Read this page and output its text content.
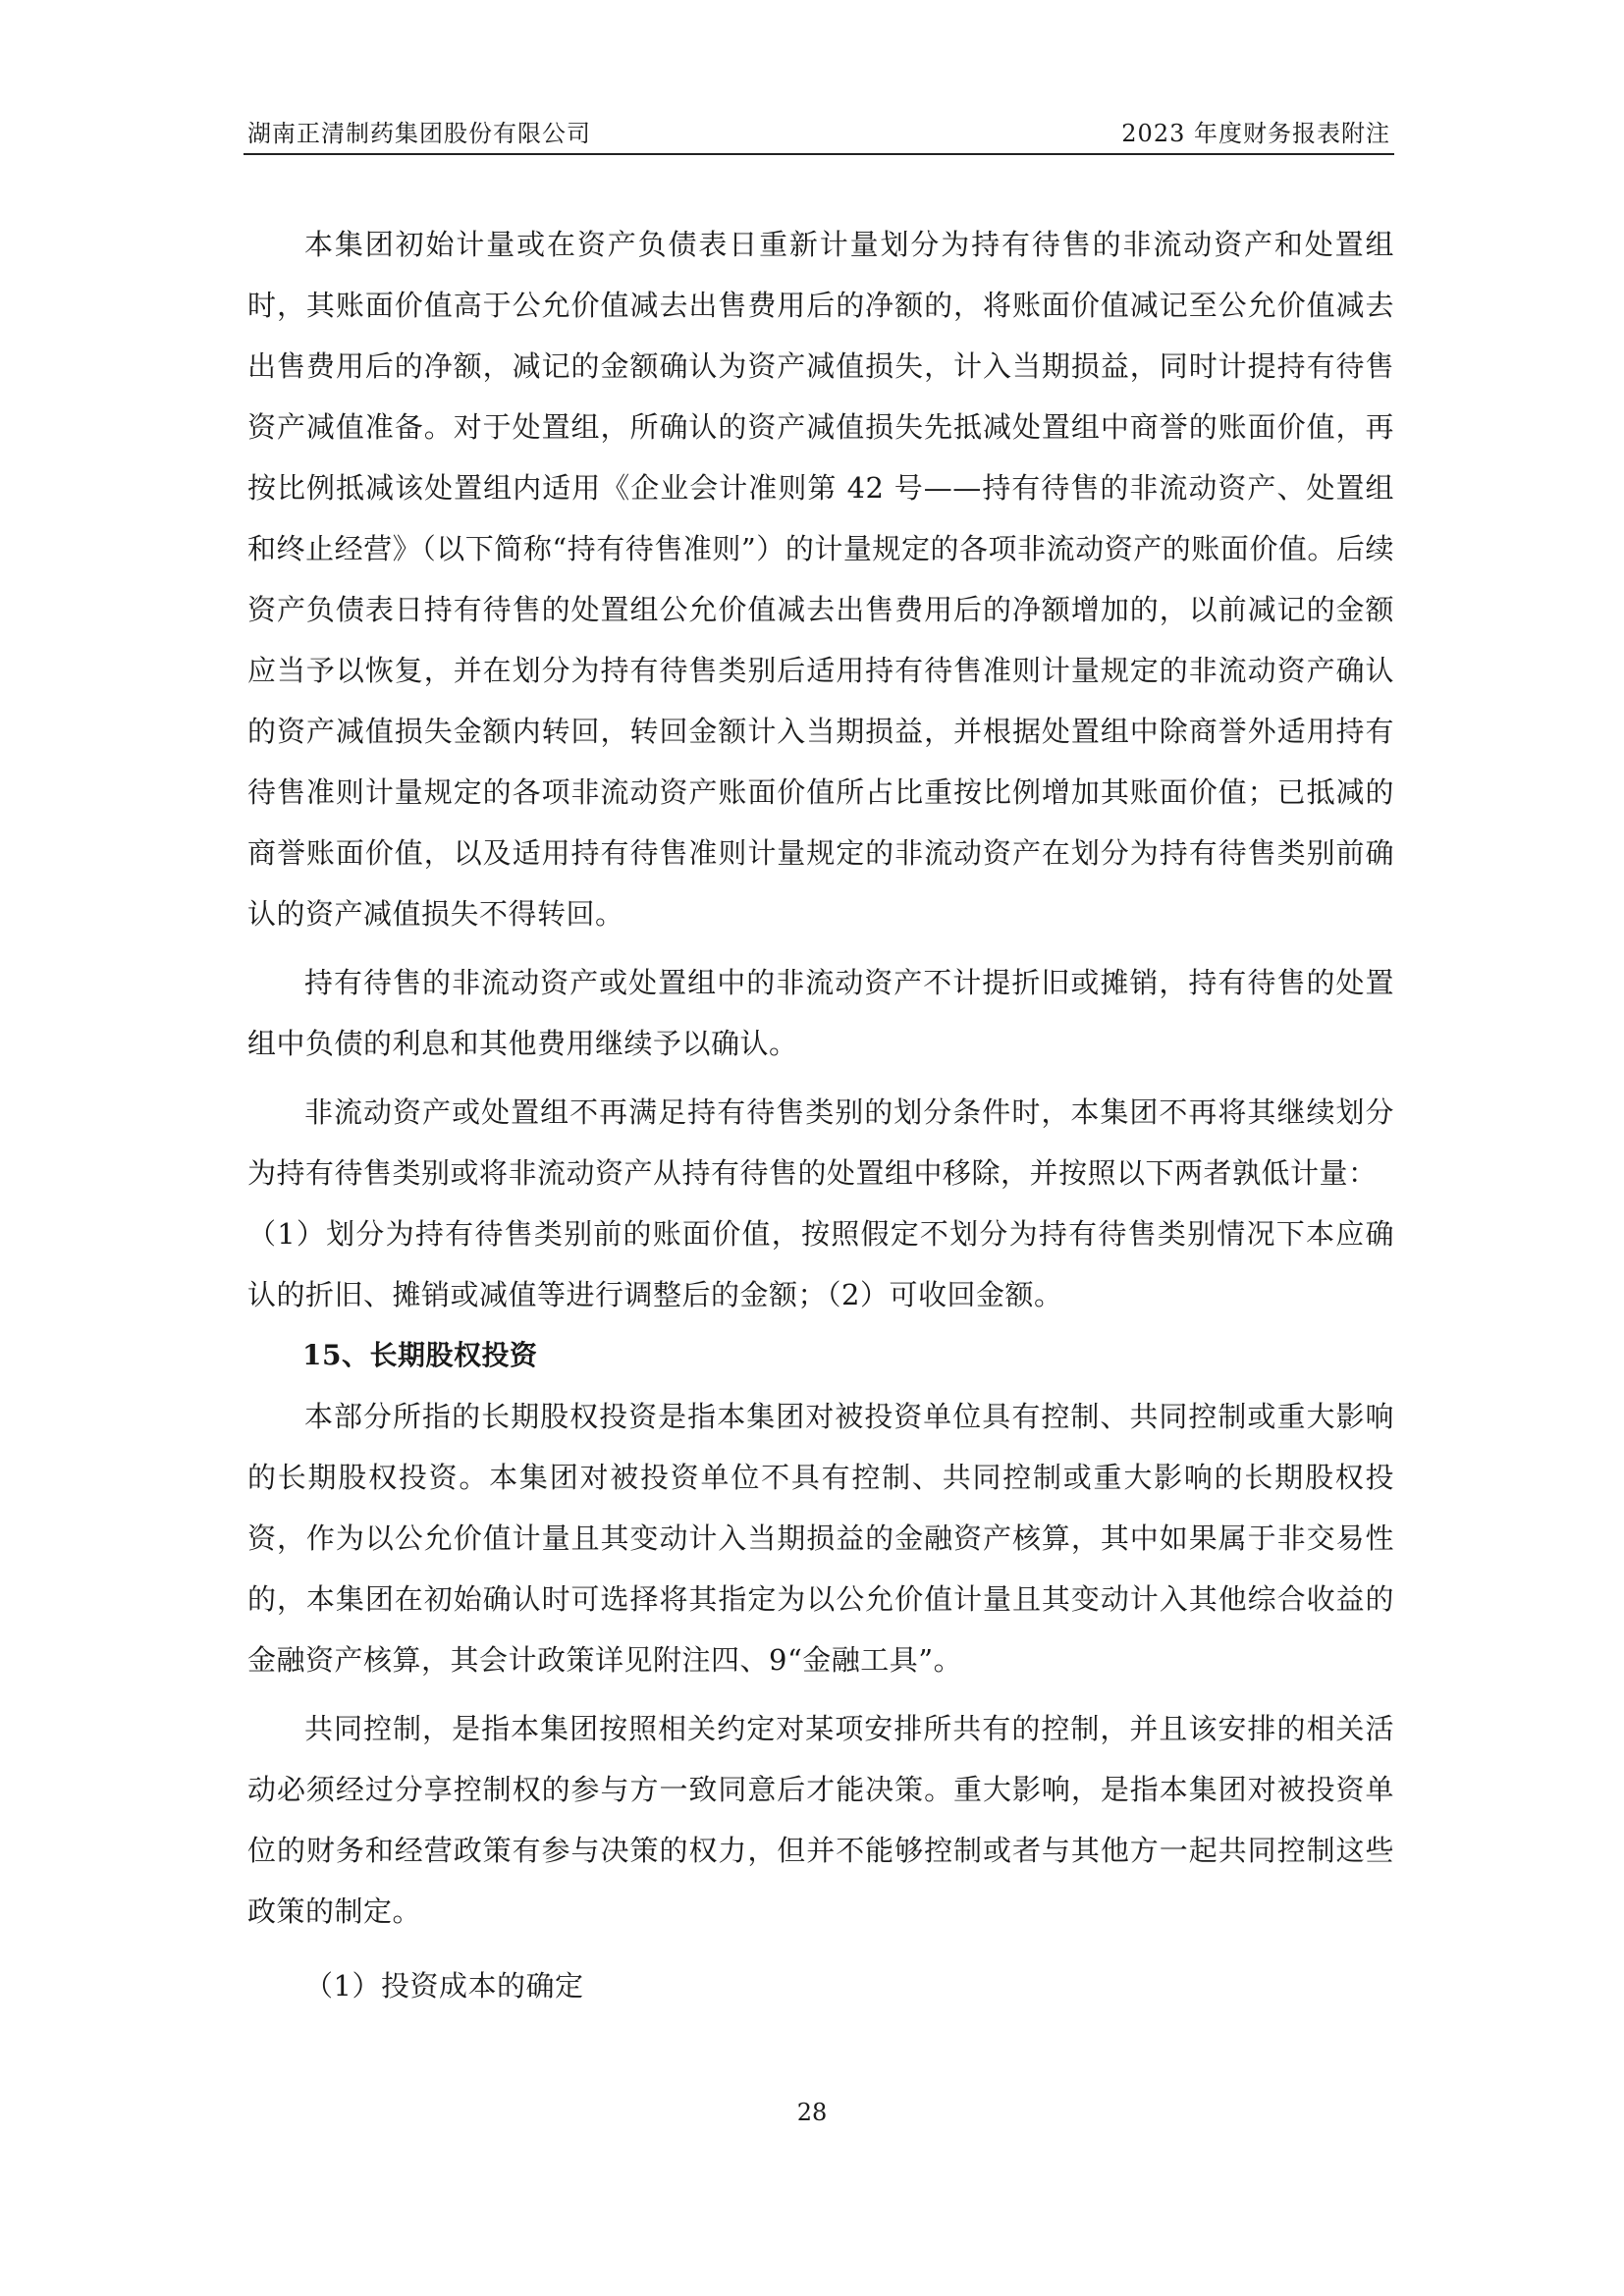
湖南正清制药集团股份有限公司	2023 年度财务报表附注

本集团初始计量或在资产负债表日重新计量划分为持有待售的非流动资产和处置组时，其账面价值高于公允价值减去出售费用后的净额的，将账面价值减记至公允价值减去出售费用后的净额，减记的金额确认为资产减值损失，计入当期损益，同时计提持有待售资产减值准备。对于处置组，所确认的资产减值损失先抵减处置组中商誉的账面价值，再按比例抵减该处置组内适用《企业会计准则第 42 号——持有待售的非流动资产、处置组和终止经营》（以下简称“持有待售准则”）的计量规定的各项非流动资产的账面价值。后续资产负债表日持有待售的处置组公允价值减去出售费用后的净额增加的，以前减记的金额应当予以恢复，并在划分为持有待售类别后适用持有待售准则计量规定的非流动资产确认的资产减值损失金额内转回，转回金额计入当期损益，并根据处置组中除商誉外适用持有待售准则计量规定的各项非流动资产账面价值所占比重按比例增加其账面价值；已抵减的商誉账面价值，以及适用持有待售准则计量规定的非流动资产在划分为持有待售类别前确认的资产减值损失不得转回。

持有待售的非流动资产或处置组中的非流动资产不计提折旧或摊销，持有待售的处置组中负债的利息和其他费用继续予以确认。

非流动资产或处置组不再满足持有待售类别的划分条件时，本集团不再将其继续划分为持有待售类别或将非流动资产从持有待售的处置组中移除，并按照以下两者孰低计量：

（1）划分为持有待售类别前的账面价值，按照假定不划分为持有待售类别情况下本应确认的折旧、摊销或减值等进行调整后的金额；（2）可收回金额。

15、长期股权投资

本部分所指的长期股权投资是指本集团对被投资单位具有控制、共同控制或重大影响的长期股权投资。本集团对被投资单位不具有控制、共同控制或重大影响的长期股权投资，作为以公允价值计量且其变动计入当期损益的金融资产核算，其中如果属于非交易性的，本集团在初始确认时可选择将其指定为以公允价值计量且其变动计入其他综合收益的金融资产核算，其会计政策详见附注四、9“金融工具”。

共同控制，是指本集团按照相关约定对某项安排所共有的控制，并且该安排的相关活动必须经过分享控制权的参与方一致同意后才能决策。重大影响，是指本集团对被投资单位的财务和经营政策有参与决策的权力，但并不能够控制或者与其他方一起共同控制这些政策的制定。

（1）投资成本的确定
28
